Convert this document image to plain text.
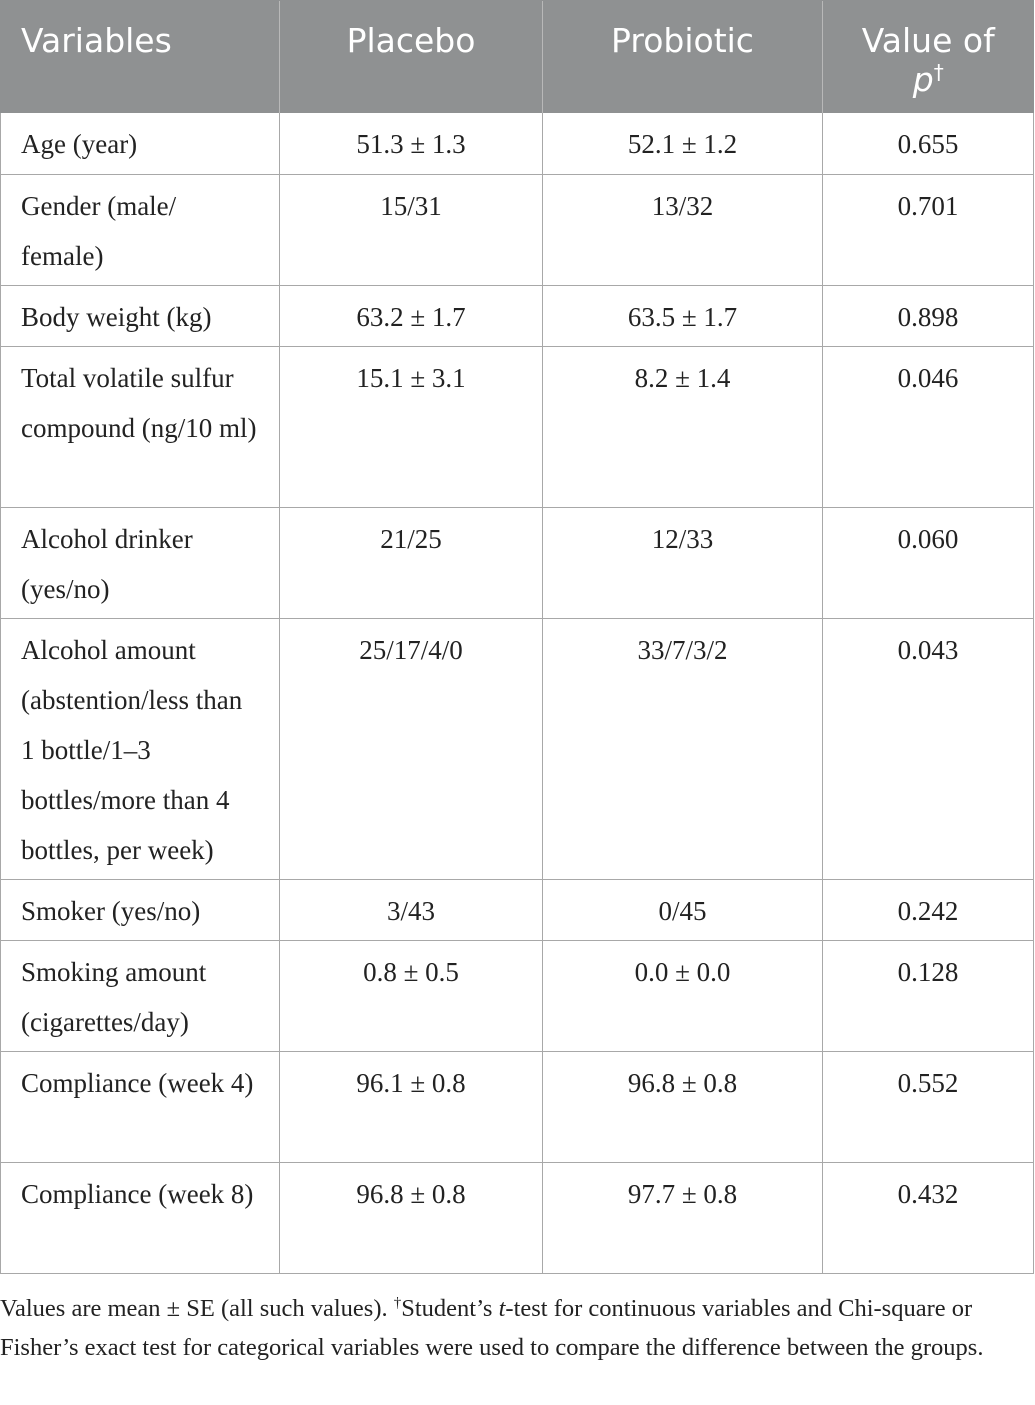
Variables	Placebo	Probiotic	Value of
p†

Age (year)	51.3 ± 1.3	52.1 ± 1.2	0.655

Gender (male/ female)	15/31	13/32	0.701

Body weight (kg)	63.2 ± 1.7	63.5 ± 1.7	0.898

Total volatile sulfur compound (ng/10 ml)	15.1 ± 3.1	8.2 ± 1.4	0.046

Alcohol drinker (yes/no)	21/25	12/33	0.060

Alcohol amount (abstention/less than 1 bottle/1–3 bottles/more than 4 bottles, per week)	25/17/4/0	33/7/3/2	0.043

Smoker (yes/no)	3/43	0/45	0.242

Smoking amount (cigarettes/day)	0.8 ± 0.5	0.0 ± 0.0	0.128

Compliance (week 4)	96.1 ± 0.8	96.8 ± 0.8	0.552

Compliance (week 8)	96.8 ± 0.8	97.7 ± 0.8	0.432
Values are mean ± SE (all such values). †Student’s t-test for continuous variables and Chi-square or Fisher’s exact test for categorical variables were used to compare the difference between the groups.
